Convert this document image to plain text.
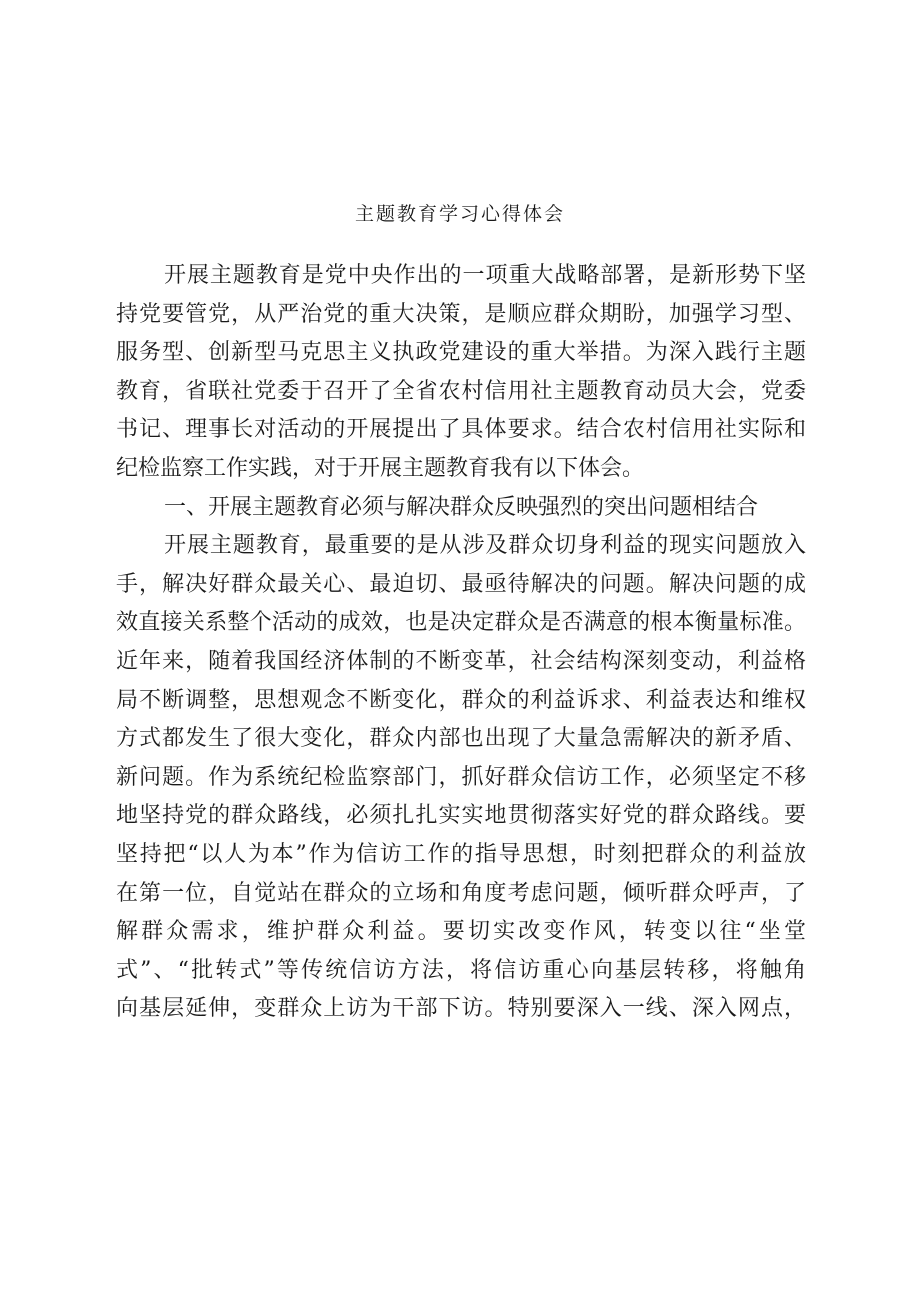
主题教育学习心得体会
开展主题教育是党中央作出的一项重大战略部署，是新形势下坚
持党要管党，从严治党的重大决策，是顺应群众期盼，加强学习型、
服务型、创新型马克思主义执政党建设的重大举措。为深入践行主题
教育，省联社党委于召开了全省农村信用社主题教育动员大会，党委
书记、理事长对活动的开展提出了具体要求。结合农村信用社实际和
纪检监察工作实践，对于开展主题教育我有以下体会。
一、开展主题教育必须与解决群众反映强烈的突出问题相结合
开展主题教育，最重要的是从涉及群众切身利益的现实问题放入
手，解决好群众最关心、最迫切、最亟待解决的问题。解决问题的成
效直接关系整个活动的成效，也是决定群众是否满意的根本衡量标准。
近年来，随着我国经济体制的不断变革，社会结构深刻变动，利益格
局不断调整，思想观念不断变化，群众的利益诉求、利益表达和维权
方式都发生了很大变化，群众内部也出现了大量急需解决的新矛盾、
新问题。作为系统纪检监察部门，抓好群众信访工作，必须坚定不移
地坚持党的群众路线，必须扎扎实实地贯彻落实好党的群众路线。要
坚持把“以人为本”作为信访工作的指导思想，时刻把群众的利益放
在第一位，自觉站在群众的立场和角度考虑问题，倾听群众呼声，了
解群众需求，维护群众利益。要切实改变作风，转变以往“坐堂
式”、“批转式”等传统信访方法，将信访重心向基层转移，将触角
向基层延伸，变群众上访为干部下访。特别要深入一线、深入网点，
